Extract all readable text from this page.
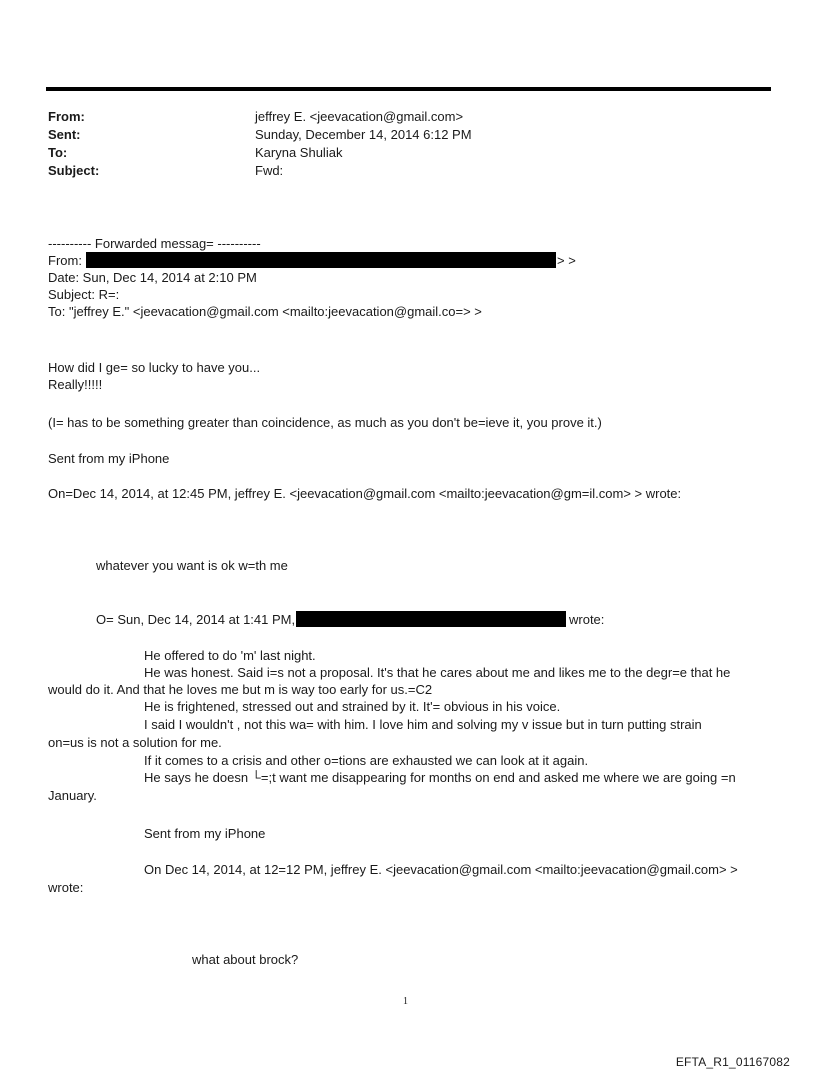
From:	jeffrey E. <jeevacation@gmail.com>
Sent:	Sunday, December 14, 2014 6:12 PM
To:	Karyna Shuliak
Subject:	Fwd:
---------- Forwarded messag= ----------
From:	> >
Date: Sun, Dec 14, 2014 at 2:10 PM
Subject: R=:
To: "jeffrey E." <jeevacation@gmail.com <mailto:jeevacation@gmail.co=> >
How did I ge= so lucky to have you...
Really!!!!!
(I= has to be something greater than coincidence, as much as you don't be=ieve it, you prove it.)
Sent from my iPhone
On=Dec 14, 2014, at 12:45 PM, jeffrey E. <jeevacation@gmail.com <mailto:jeevacation@gm=il.com> > wrote:
whatever you want is ok w=th me
O= Sun, Dec 14, 2014 at 1:41 PM,	wrote:
He offered to do 'm' last night.
He was honest. Said i=s not a proposal. It's that he cares about me and likes me to the degr=e that he
would do it. And that he loves me but m is way too early for us.=C2
He is frightened, stressed out and strained by it. It'= obvious in his voice.
I said I wouldn't , not this wa= with him. I love him and solving my v issue but in turn putting strain
on=us is not a solution for me.
If it comes to a crisis and other o=tions are exhausted we can look at it again.
He says he doesn └=;t want me disappearing for months on end and asked me where we are going =n
January.
Sent from my iPhone
On Dec 14, 2014, at 12=12 PM, jeffrey E. <jeevacation@gmail.com <mailto:jeevacation@gmail.com> >
wrote:
what about brock?
1
EFTA_R1_01167082
